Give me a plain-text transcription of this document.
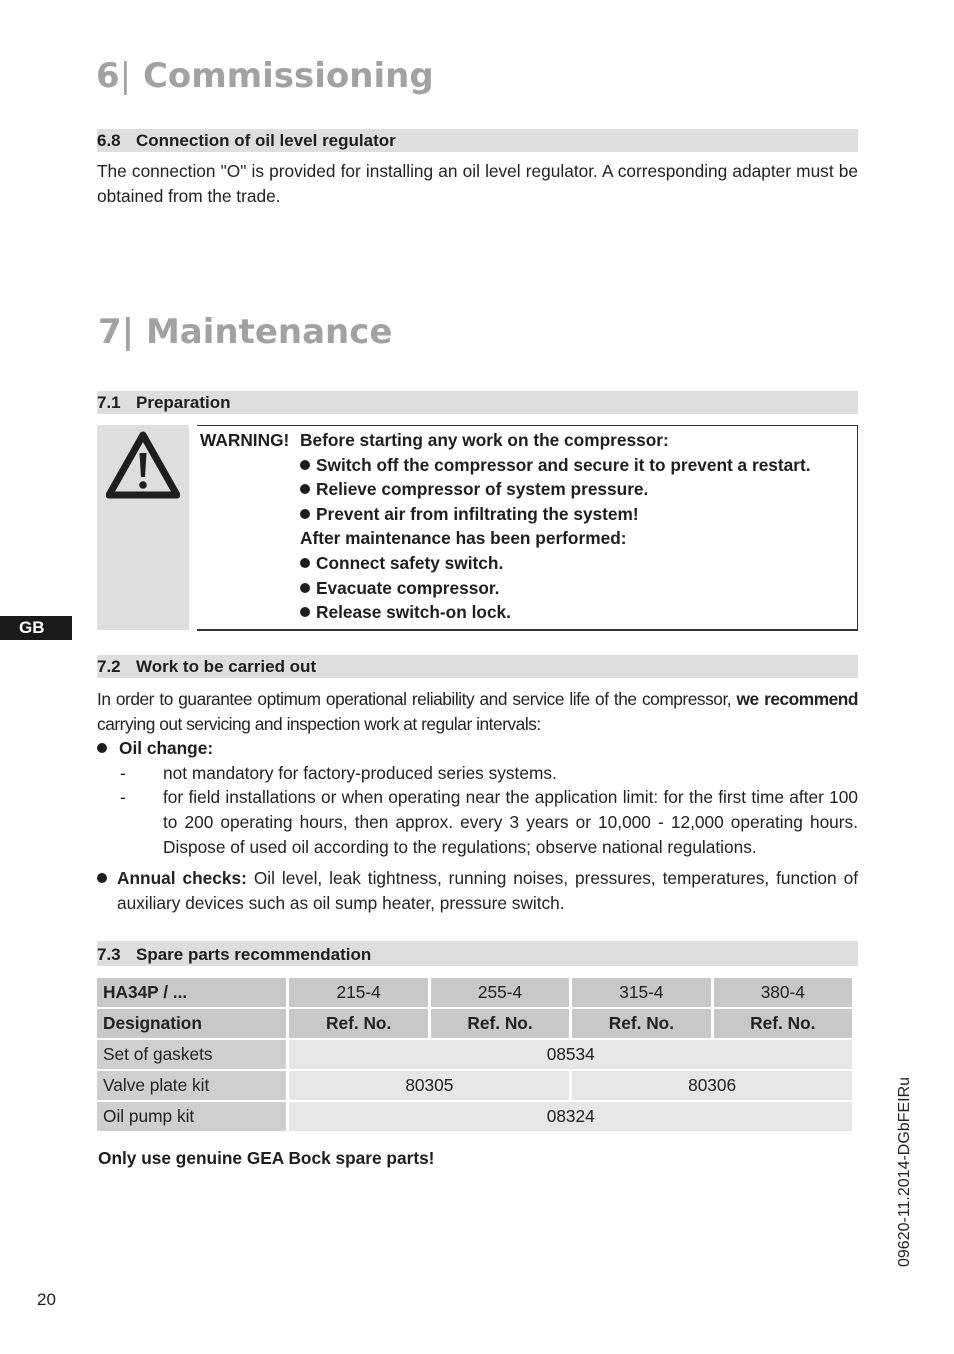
6| Commissioning
6.8 Connection of oil level regulator
The connection "O" is provided for installing an oil level regulator. A corresponding adapter must be obtained from the trade.
7| Maintenance
7.1 Preparation
WARNING! Before starting any work on the compressor:
Switch off the compressor and secure it to prevent a restart.
Relieve compressor of system pressure.
Prevent air from infiltrating the system!
After maintenance has been performed:
Connect safety switch.
Evacuate compressor.
Release switch-on lock.
GB
7.2 Work to be carried out
In order to guarantee optimum operational reliability and service life of the compressor, we recommend carrying out servicing and inspection work at regular intervals:
Oil change:
- not mandatory for factory-produced series systems.
- for field installations or when operating near the application limit: for the first time after 100 to 200 operating hours, then approx. every 3 years or 10,000 - 12,000 operating hours. Dispose of used oil according to the regulations; observe national regulations.
Annual checks: Oil level, leak tightness, running noises, pressures, temperatures, function of auxiliary devices such as oil sump heater, pressure switch.
7.3 Spare parts recommendation
HA34P / ...	215-4	255-4	315-4	380-4
Designation	Ref. No.	Ref. No.	Ref. No.	Ref. No.
Set of gaskets	08534			
Valve plate kit	80305		80306	
Oil pump kit	08324			
Only use genuine GEA Bock spare parts!
20
09620-11.2014-DGbFEIRu
